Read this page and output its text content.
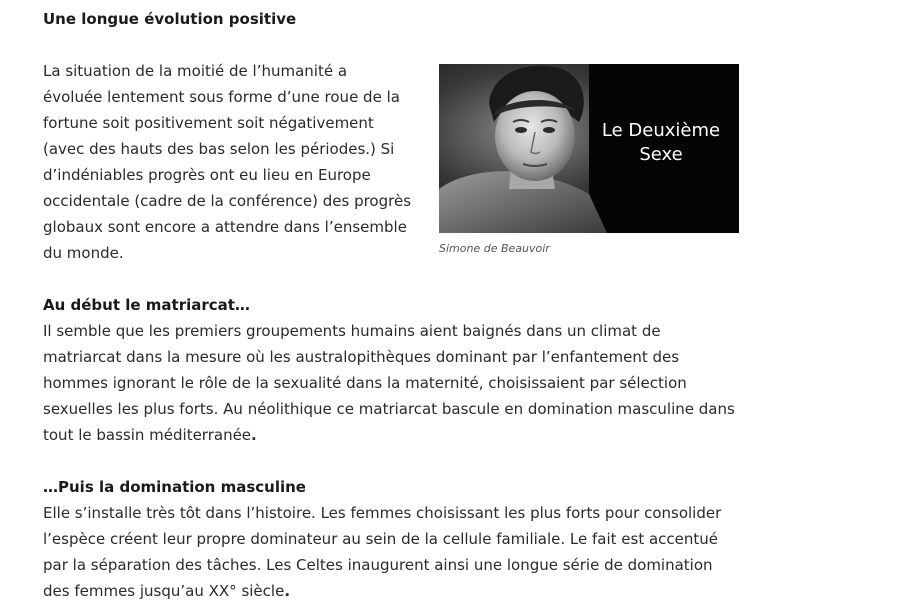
Une longue évolution positive

La situation de la moitié de l’humanité a

évoluée lentement sous forme d’une roue de la

fortune soit positivement soit négativement

(avec des hauts des bas selon les périodes.) Si

d’indéniables progrès ont eu lieu en Europe

occidentale (cadre de la conférence) des progrès

globaux sont encore a attendre dans l’ensemble

du monde.

Le Deuxième
Sexe
Simone de Beauvoir
Au début le matriarcat…

Il semble que les premiers groupements humains aient baignés dans un climat de

matriarcat dans la mesure où les australopithèques dominant par l’enfantement des

hommes ignorant le rôle de la sexualité dans la maternité, choisissaient par sélection

sexuelles les plus forts. Au néolithique ce matriarcat bascule en domination masculine dans

tout le bassin méditerranée.

…Puis la domination masculine

Elle s’installe très tôt dans l’histoire. Les femmes choisissant les plus forts pour consolider

l’espèce créent leur propre dominateur au sein de la cellule familiale. Le fait est accentué

par la séparation des tâches. Les Celtes inaugurent ainsi une longue série de domination

des femmes jusqu’au XX° siècle.
